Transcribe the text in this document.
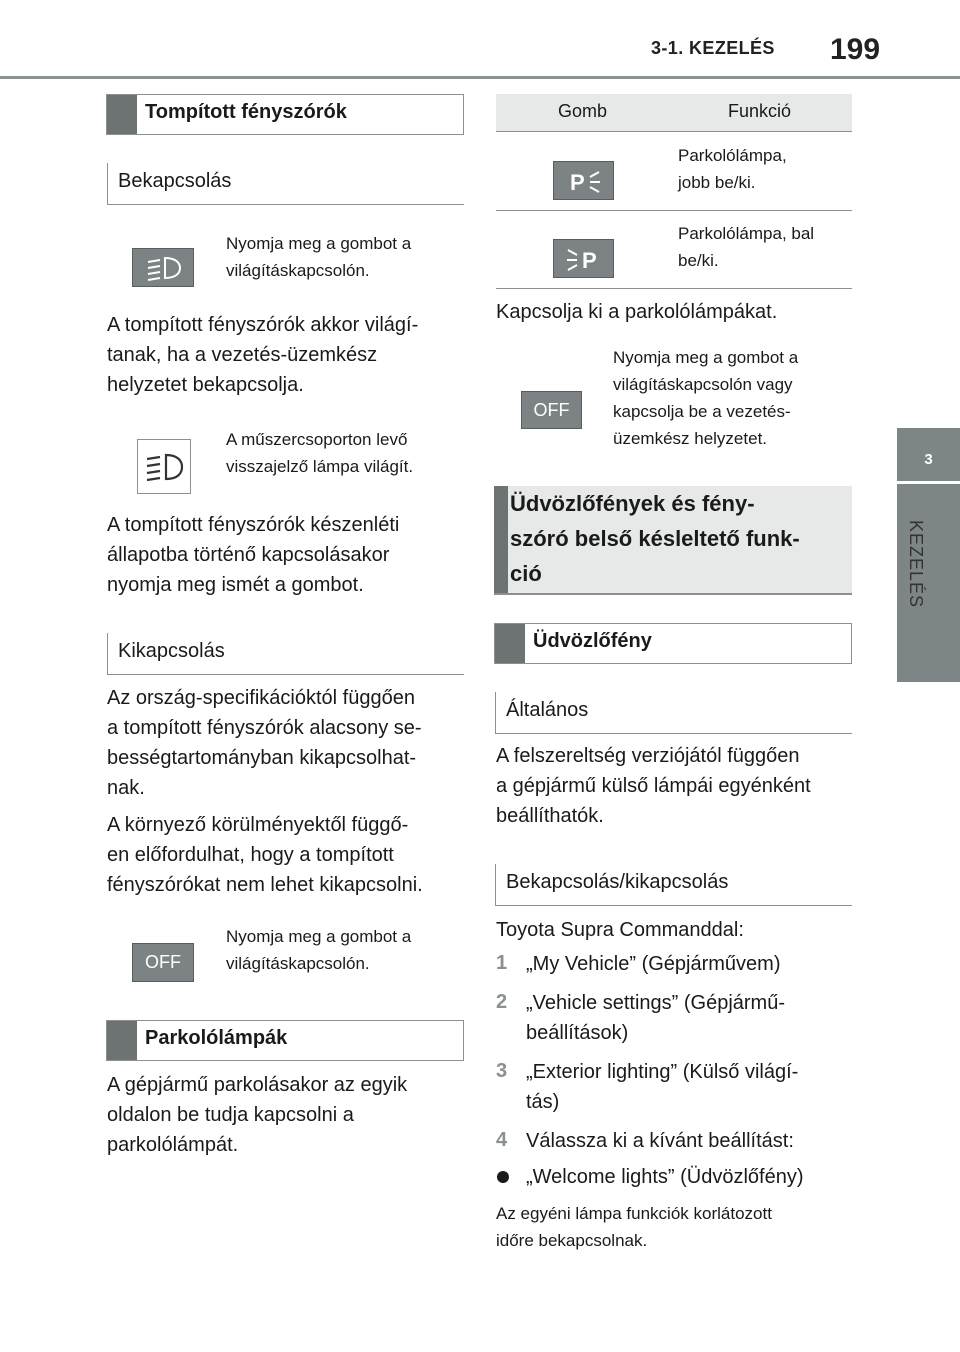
3-1. KEZELÉS 199
3
KEZELÉS
Tompított fényszórók
Bekapcsolás
Nyomja meg a gombot a
világításkapcsolón.
A tompított fényszórók akkor világí-
tanak, ha a vezetés-üzemkész
helyzetet bekapcsolja.
A műszercsoporton levő
visszajelző lámpa világít.
A tompított fényszórók készenléti
állapotba történő kapcsolásakor
nyomja meg ismét a gombot.
Kikapcsolás
Az ország-specifikációktól függően
a tompított fényszórók alacsony se-
bességtartományban kikapcsolhat-
nak.
A környező körülményektől függő-
en előfordulhat, hogy a tompított
fényszórókat nem lehet kikapcsolni.
OFF
Nyomja meg a gombot a
világításkapcsolón.
Parkolólámpák
A gépjármű parkolásakor az egyik
oldalon be tudja kapcsolni a
parkolólámpát.
Gomb	Funkció
P
Parkolólámpa,
jobb be/ki.
P
Parkolólámpa, bal
be/ki.
Kapcsolja ki a parkolólámpákat.
OFF
Nyomja meg a gombot a
világításkapcsolón vagy
kapcsolja be a vezetés-
üzemkész helyzetet.
Üdvözlőfények és fény-
szóró belső késleltető funk-
ció
Üdvözlőfény
Általános
A felszereltség verziójától függően
a gépjármű külső lámpái egyénként
beállíthatók.
Bekapcsolás/kikapcsolás
Toyota Supra Commanddal:
1 „My Vehicle” (Gépjárművem)
2 „Vehicle settings” (Gépjármű-
beállítások)
3 „Exterior lighting” (Külső világí-
tás)
4 Válassza ki a kívánt beállítást:
„Welcome lights” (Üdvözlőfény)
Az egyéni lámpa funkciók korlátozott
időre bekapcsolnak.
